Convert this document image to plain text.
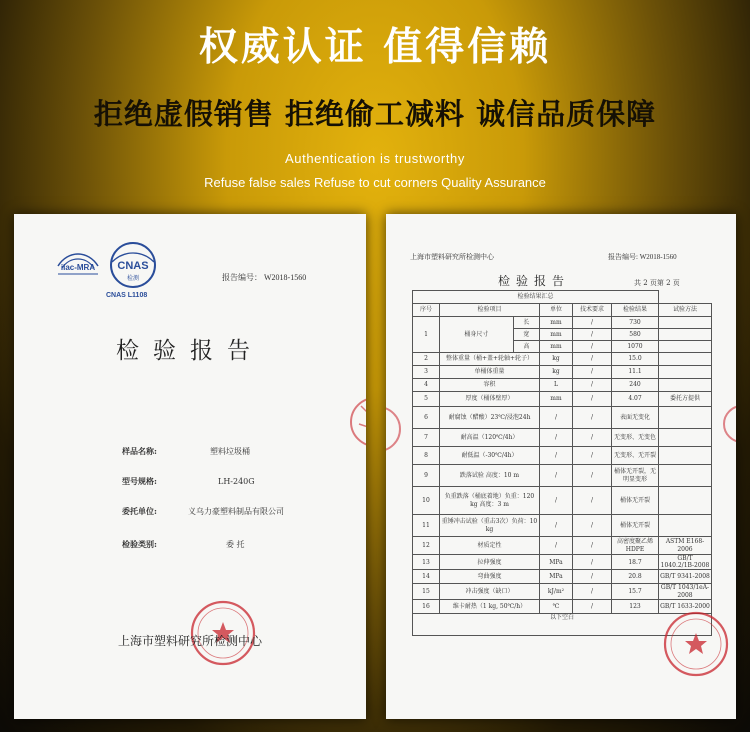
权威认证 值得信赖
拒绝虚假销售 拒绝偷工减料 诚信品质保障
Authentication is trustworthy
Refuse false sales Refuse to cut corners Quality Assurance
ilac-MRA CNAS
检测
CNAS L1108
报告编号： W2018-1560
检验报告
样品名称:	塑料垃圾桶
型号规格:	LH-240G
委托单位:	义乌力豪塑料制品有限公司
检验类别:	委 托
上海市塑料研究所检测中心
上海市塑料研究所检测中心	报告编号: W2018-1560
检验报告	共 2 页第 2 页
检验结果汇总						
序号	检验项目		单位	技术要求	检验结果	试验方法
1	桶身尺寸	长	mm	/	730	
		宽	mm	/	580	
		高	mm	/	1070	
2	整体重量（桶+盖+轮轴+轮子）		kg	/	15.0	
3	单桶体重量		kg	/	11.1	
4	容积		L	/	240	
5	厚度（桶体壁厚）		mm	/	4.07	委托方提供
6	耐腐蚀（醋酸）23℃/浸泡24h		/	/	表面无变化	
7	耐高温（120℃/4h）		/	/	无变形、无变色	
8	耐低温（-30℃/4h）		/	/	无变形、无开裂	
9	跌落试验 高度：10 m		/	/	桶体无开裂，无明显变形	
10	负重跌落（桶底着地）负重：120 kg 高度：3 m		/	/	桶体无开裂	
11	重锤冲击试验（重击3次）负荷：10 kg		/	/	桶体无开裂	
12	材质定性		/	/	高密度聚乙烯 HDPE	ASTM E168-2006
13	拉伸强度		MPa	/	18.7	GB/T 1040.2/1B-2008
14	弯曲强度		MPa	/	20.8	GB/T 9341-2008
15	冲击强度（缺口）		kJ/m²	/	15.7	GB/T 1043/1eA-2008
16	维卡耐热（1 kg, 50℃/h）		℃	/	123	GB/T 1633-2000
以下空白						
